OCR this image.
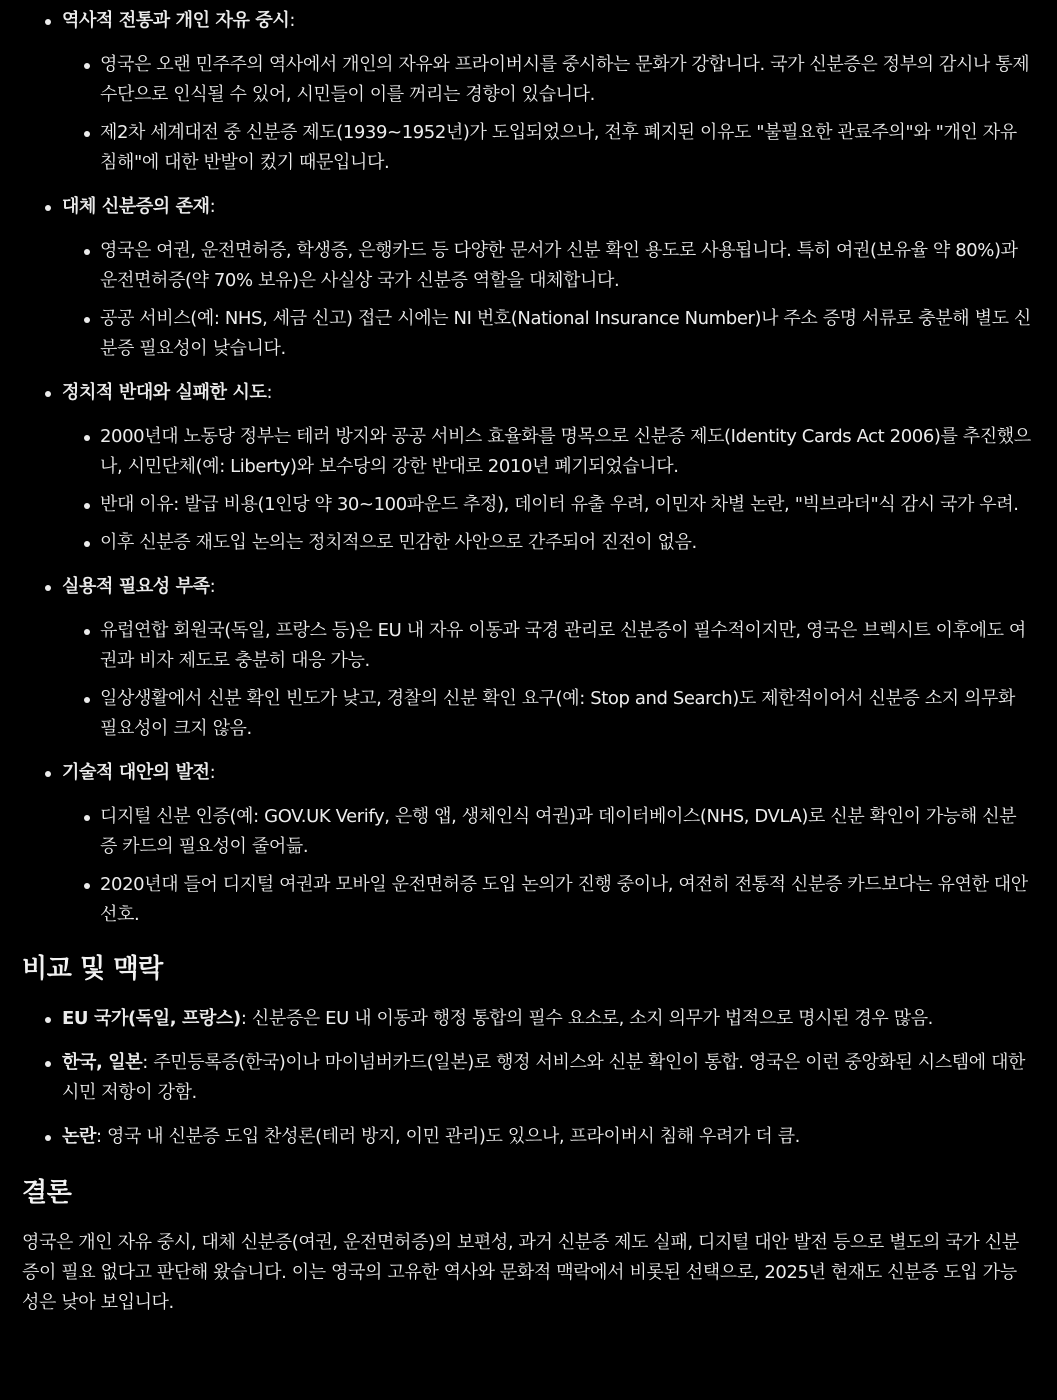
역사적 전통과 개인 자유 중시:
영국은 오랜 민주주의 역사에서 개인의 자유와 프라이버시를 중시하는 문화가 강합니다. 국가 신분증은 정부의 감시나 통제 수단으로 인식될 수 있어, 시민들이 이를 꺼리는 경향이 있습니다.
제2차 세계대전 중 신분증 제도(1939~1952년)가 도입되었으나, 전후 폐지된 이유도 "불필요한 관료주의"와 "개인 자유 침해"에 대한 반발이 컸기 때문입니다.
대체 신분증의 존재:
영국은 여권, 운전면허증, 학생증, 은행카드 등 다양한 문서가 신분 확인 용도로 사용됩니다. 특히 여권(보유율 약 80%)과 운전면허증(약 70% 보유)은 사실상 국가 신분증 역할을 대체합니다.
공공 서비스(예: NHS, 세금 신고) 접근 시에는 NI 번호(National Insurance Number)나 주소 증명 서류로 충분해 별도 신분증 필요성이 낮습니다.
정치적 반대와 실패한 시도:
2000년대 노동당 정부는 테러 방지와 공공 서비스 효율화를 명목으로 신분증 제도(Identity Cards Act 2006)를 추진했으나, 시민단체(예: Liberty)와 보수당의 강한 반대로 2010년 폐기되었습니다.
반대 이유: 발급 비용(1인당 약 30~100파운드 추정), 데이터 유출 우려, 이민자 차별 논란, "빅브라더"식 감시 국가 우려.
이후 신분증 재도입 논의는 정치적으로 민감한 사안으로 간주되어 진전이 없음.
실용적 필요성 부족:
유럽연합 회원국(독일, 프랑스 등)은 EU 내 자유 이동과 국경 관리로 신분증이 필수적이지만, 영국은 브렉시트 이후에도 여권과 비자 제도로 충분히 대응 가능.
일상생활에서 신분 확인 빈도가 낮고, 경찰의 신분 확인 요구(예: Stop and Search)도 제한적이어서 신분증 소지 의무화 필요성이 크지 않음.
기술적 대안의 발전:
디지털 신분 인증(예: GOV.UK Verify, 은행 앱, 생체인식 여권)과 데이터베이스(NHS, DVLA)로 신분 확인이 가능해 신분증 카드의 필요성이 줄어듦.
2020년대 들어 디지털 여권과 모바일 운전면허증 도입 논의가 진행 중이나, 여전히 전통적 신분증 카드보다는 유연한 대안 선호.
비교 및 맥락
EU 국가(독일, 프랑스): 신분증은 EU 내 이동과 행정 통합의 필수 요소로, 소지 의무가 법적으로 명시된 경우 많음.
한국, 일본: 주민등록증(한국)이나 마이넘버카드(일본)로 행정 서비스와 신분 확인이 통합. 영국은 이런 중앙화된 시스템에 대한 시민 저항이 강함.
논란: 영국 내 신분증 도입 찬성론(테러 방지, 이민 관리)도 있으나, 프라이버시 침해 우려가 더 큼.
결론

영국은 개인 자유 중시, 대체 신분증(여권, 운전면허증)의 보편성, 과거 신분증 제도 실패, 디지털 대안 발전 등으로 별도의 국가 신분증이 필요 없다고 판단해 왔습니다. 이는 영국의 고유한 역사와 문화적 맥락에서 비롯된 선택으로, 2025년 현재도 신분증 도입 가능성은 낮아 보입니다.
